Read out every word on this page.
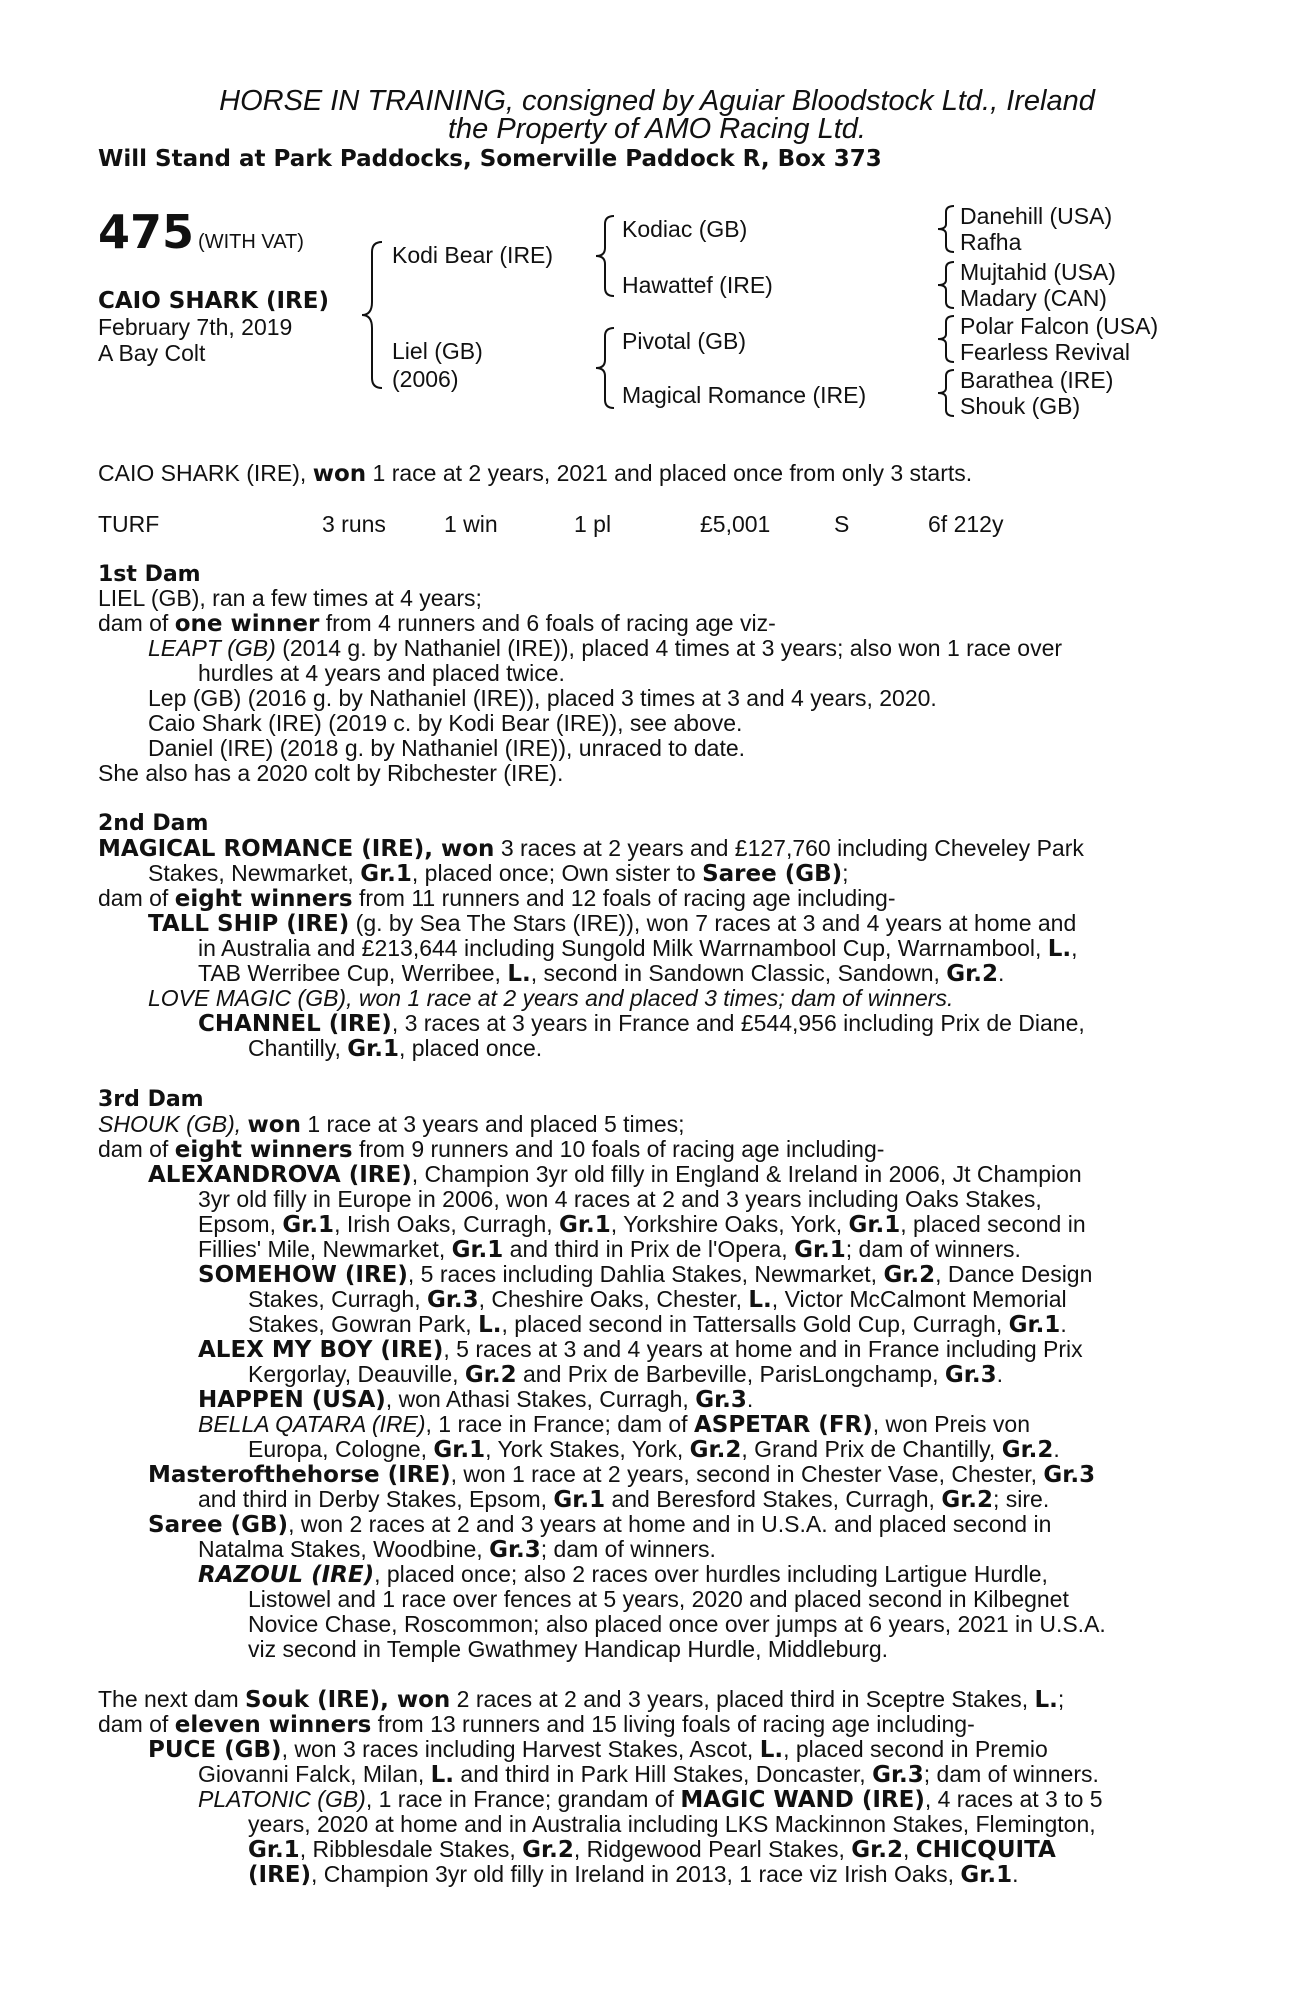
HORSE IN TRAINING, consigned by Aguiar Bloodstock Ltd., Ireland
the Property of AMO Racing Ltd.
Will Stand at Park Paddocks, Somerville Paddock R, Box 373
475 (WITH VAT)
CAIO SHARK (IRE)
February 7th, 2019
A Bay Colt
Kodi Bear (IRE)
Liel (GB)
(2006)
Kodiac (GB)
Hawattef (IRE)
Pivotal (GB)
Magical Romance (IRE)
Danehill (USA)
Rafha
Mujtahid (USA)
Madary (CAN)
Polar Falcon (USA)
Fearless Revival
Barathea (IRE)
Shouk (GB)
CAIO SHARK (IRE), won 1 race at 2 years, 2021 and placed once from only 3 starts.
TURF	3 runs	1 win	1 pl	£5,001	S	6f 212y
1st Dam
LIEL (GB), ran a few times at 4 years;
dam of one winner from 4 runners and 6 foals of racing age viz-
LEAPT (GB) (2014 g. by Nathaniel (IRE)), placed 4 times at 3 years; also won 1 race over
hurdles at 4 years and placed twice.
Lep (GB) (2016 g. by Nathaniel (IRE)), placed 3 times at 3 and 4 years, 2020.
Caio Shark (IRE) (2019 c. by Kodi Bear (IRE)), see above.
Daniel (IRE) (2018 g. by Nathaniel (IRE)), unraced to date.
She also has a 2020 colt by Ribchester (IRE).
2nd Dam
MAGICAL ROMANCE (IRE), won 3 races at 2 years and £127,760 including Cheveley Park
Stakes, Newmarket, Gr.1, placed once; Own sister to Saree (GB);
dam of eight winners from 11 runners and 12 foals of racing age including-
TALL SHIP (IRE) (g. by Sea The Stars (IRE)), won 7 races at 3 and 4 years at home and
in Australia and £213,644 including Sungold Milk Warrnambool Cup, Warrnambool, L.,
TAB Werribee Cup, Werribee, L., second in Sandown Classic, Sandown, Gr.2.
LOVE MAGIC (GB), won 1 race at 2 years and placed 3 times; dam of winners.
CHANNEL (IRE), 3 races at 3 years in France and £544,956 including Prix de Diane,
Chantilly, Gr.1, placed once.
3rd Dam
SHOUK (GB), won 1 race at 3 years and placed 5 times;
dam of eight winners from 9 runners and 10 foals of racing age including-
ALEXANDROVA (IRE), Champion 3yr old filly in England & Ireland in 2006, Jt Champion
3yr old filly in Europe in 2006, won 4 races at 2 and 3 years including Oaks Stakes,
Epsom, Gr.1, Irish Oaks, Curragh, Gr.1, Yorkshire Oaks, York, Gr.1, placed second in
Fillies' Mile, Newmarket, Gr.1 and third in Prix de l'Opera, Gr.1; dam of winners.
SOMEHOW (IRE), 5 races including Dahlia Stakes, Newmarket, Gr.2, Dance Design
Stakes, Curragh, Gr.3, Cheshire Oaks, Chester, L., Victor McCalmont Memorial
Stakes, Gowran Park, L., placed second in Tattersalls Gold Cup, Curragh, Gr.1.
ALEX MY BOY (IRE), 5 races at 3 and 4 years at home and in France including Prix
Kergorlay, Deauville, Gr.2 and Prix de Barbeville, ParisLongchamp, Gr.3.
HAPPEN (USA), won Athasi Stakes, Curragh, Gr.3.
BELLA QATARA (IRE), 1 race in France; dam of ASPETAR (FR), won Preis von
Europa, Cologne, Gr.1, York Stakes, York, Gr.2, Grand Prix de Chantilly, Gr.2.
Masterofthehorse (IRE), won 1 race at 2 years, second in Chester Vase, Chester, Gr.3
and third in Derby Stakes, Epsom, Gr.1 and Beresford Stakes, Curragh, Gr.2; sire.
Saree (GB), won 2 races at 2 and 3 years at home and in U.S.A. and placed second in
Natalma Stakes, Woodbine, Gr.3; dam of winners.
RAZOUL (IRE), placed once; also 2 races over hurdles including Lartigue Hurdle,
Listowel and 1 race over fences at 5 years, 2020 and placed second in Kilbegnet
Novice Chase, Roscommon; also placed once over jumps at 6 years, 2021 in U.S.A.
viz second in Temple Gwathmey Handicap Hurdle, Middleburg.
The next dam Souk (IRE), won 2 races at 2 and 3 years, placed third in Sceptre Stakes, L.;
dam of eleven winners from 13 runners and 15 living foals of racing age including-
PUCE (GB), won 3 races including Harvest Stakes, Ascot, L., placed second in Premio
Giovanni Falck, Milan, L. and third in Park Hill Stakes, Doncaster, Gr.3; dam of winners.
PLATONIC (GB), 1 race in France; grandam of MAGIC WAND (IRE), 4 races at 3 to 5
years, 2020 at home and in Australia including LKS Mackinnon Stakes, Flemington,
Gr.1, Ribblesdale Stakes, Gr.2, Ridgewood Pearl Stakes, Gr.2, CHICQUITA
(IRE), Champion 3yr old filly in Ireland in 2013, 1 race viz Irish Oaks, Gr.1.
